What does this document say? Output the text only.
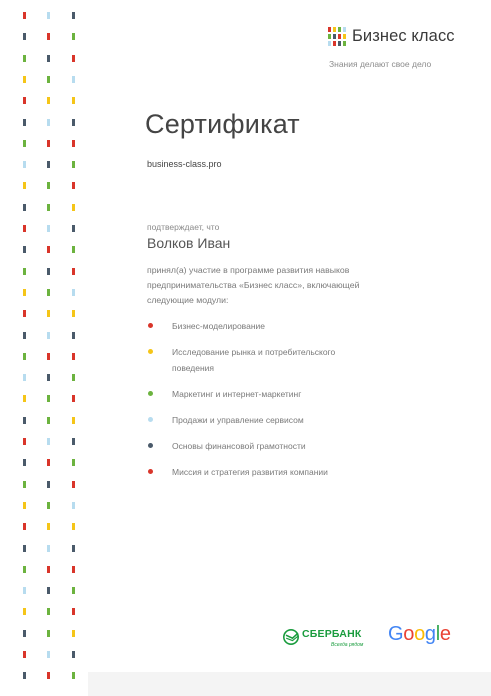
Бизнес класс
Знания делают свое дело
Сертификат
business-class.pro
подтверждает, что
Волков Иван
принял(а) участие в программе развития навыков предпринимательства «Бизнес класс», включающей следующие модули:
Бизнес-моделирование
Исследование рынка и потребительского поведения
Маркетинг и интернет-маркетинг
Продажи и управление сервисом
Основы финансовой грамотности
Миссия и стратегия развития компании
СБЕРБАНК
Всегда рядом Google
